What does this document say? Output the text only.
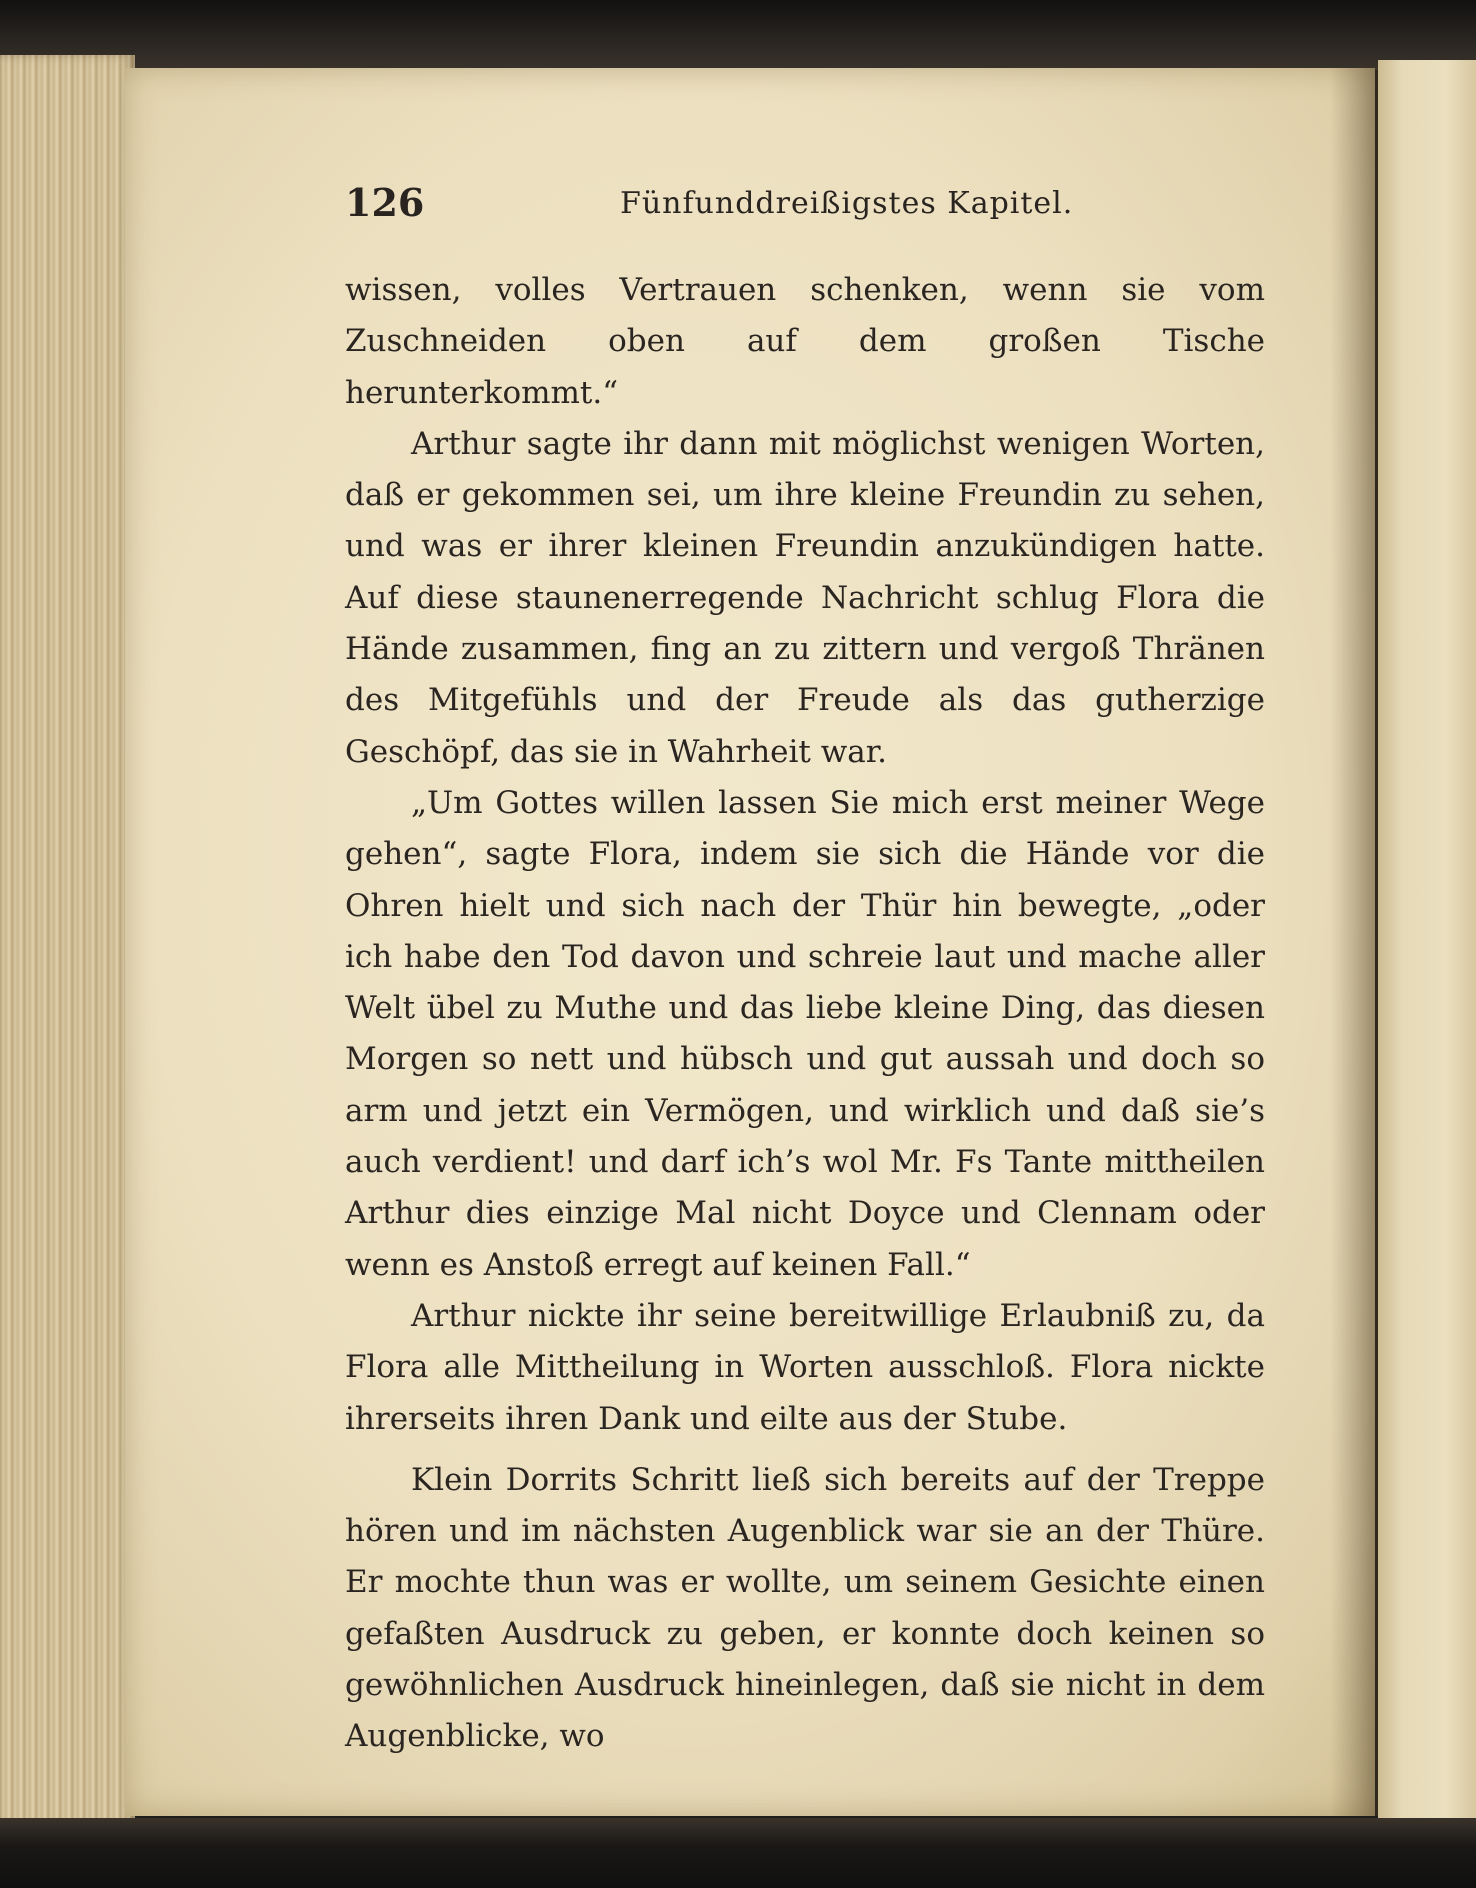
126	Fünfunddreißigstes Kapitel.

wissen, volles Vertrauen schenken, wenn sie vom Zuschneiden oben auf dem großen Tische herunterkommt.“

Arthur sagte ihr dann mit möglichst wenigen Worten, daß er gekommen sei, um ihre kleine Freundin zu sehen, und was er ihrer kleinen Freundin anzukündigen hatte. Auf diese staunenerregende Nachricht schlug Flora die Hände zusammen, fing an zu zittern und vergoß Thränen des Mitgefühls und der Freude als das gutherzige Geschöpf, das sie in Wahrheit war.

„Um Gottes willen lassen Sie mich erst meiner Wege gehen“, sagte Flora, indem sie sich die Hände vor die Ohren hielt und sich nach der Thür hin bewegte, „oder ich habe den Tod davon und schreie laut und mache aller Welt übel zu Muthe und das liebe kleine Ding, das diesen Morgen so nett und hübsch und gut aussah und doch so arm und jetzt ein Vermögen, und wirklich und daß sie’s auch verdient! und darf ich’s wol Mr. Fs Tante mittheilen Arthur dies einzige Mal nicht Doyce und Clennam oder wenn es Anstoß erregt auf keinen Fall.“

Arthur nickte ihr seine bereitwillige Erlaubniß zu, da Flora alle Mittheilung in Worten ausschloß. Flora nickte ihrerseits ihren Dank und eilte aus der Stube.

Klein Dorrits Schritt ließ sich bereits auf der Treppe hören und im nächsten Augenblick war sie an der Thüre. Er mochte thun was er wollte, um seinem Gesichte einen gefaßten Ausdruck zu geben, er konnte doch keinen so gewöhnlichen Ausdruck hineinlegen, daß sie nicht in dem Augenblicke, wo
